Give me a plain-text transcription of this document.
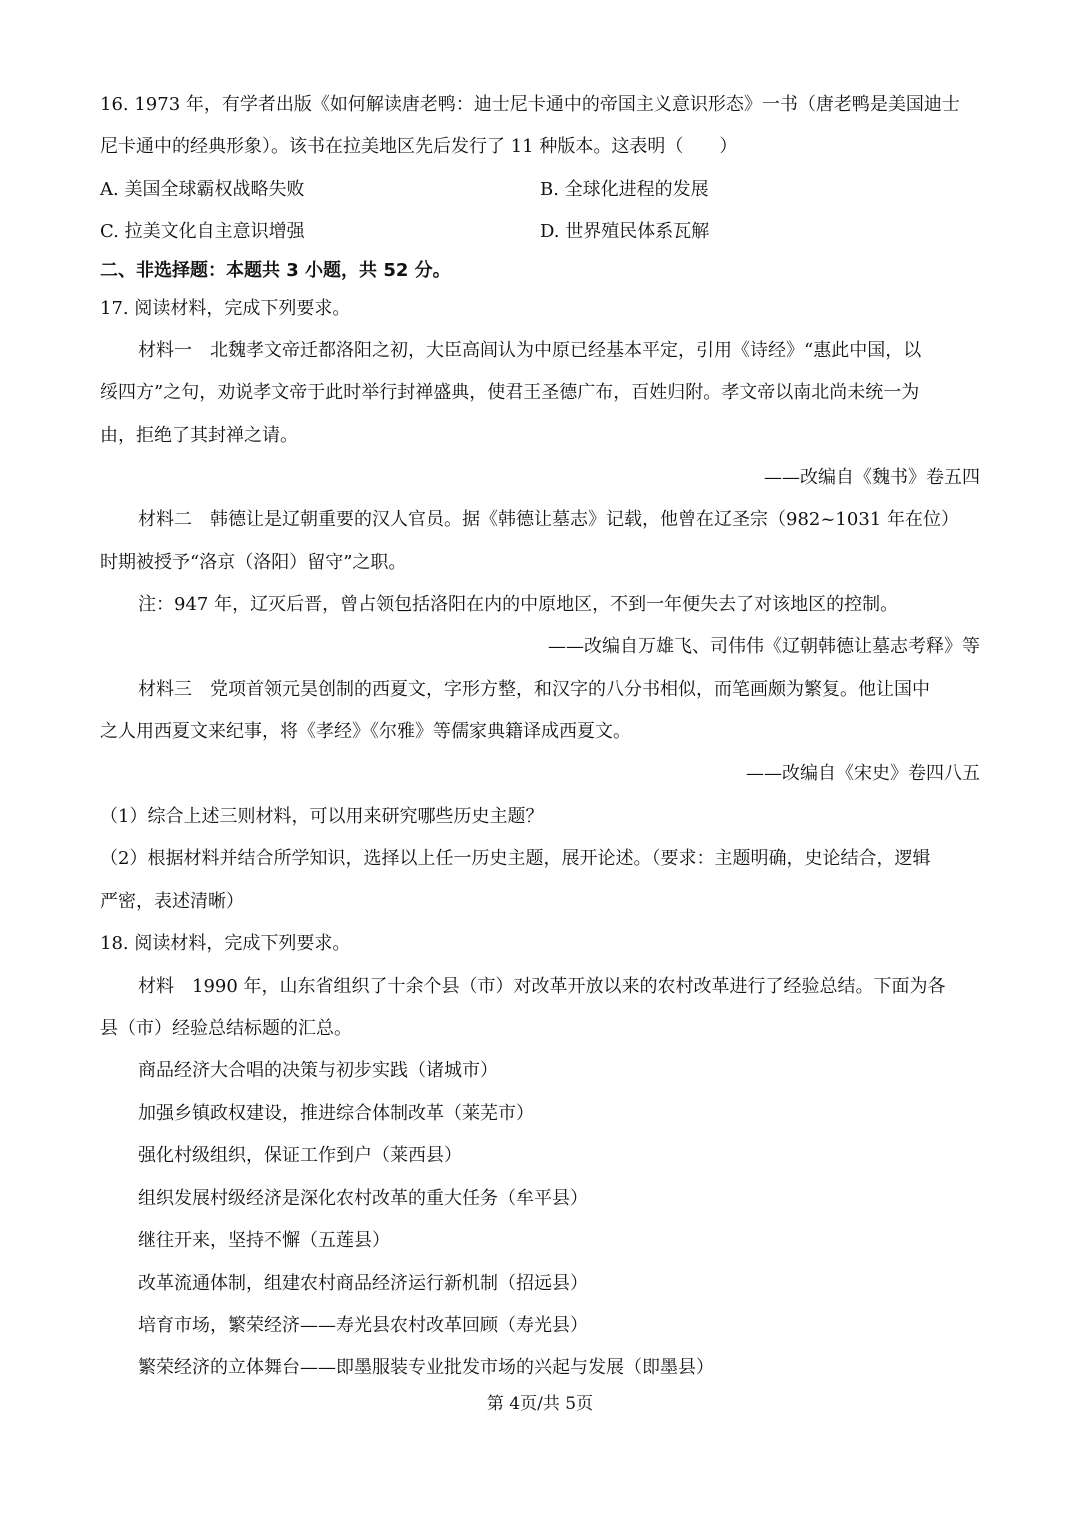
16. 1973 年，有学者出版《如何解读唐老鸭：迪士尼卡通中的帝国主义意识形态》一书（唐老鸭是美国迪士
尼卡通中的经典形象）。该书在拉美地区先后发行了 11 种版本。这表明（　　）
A. 美国全球霸权战略失败	B. 全球化进程的发展
C. 拉美文化自主意识增强	D. 世界殖民体系瓦解
二、非选择题：本题共 3 小题，共 52 分。
17. 阅读材料，完成下列要求。
材料一　北魏孝文帝迁都洛阳之初，大臣高闾认为中原已经基本平定，引用《诗经》“惠此中国，以
绥四方”之句，劝说孝文帝于此时举行封禅盛典，使君王圣德广布，百姓归附。孝文帝以南北尚未统一为
由，拒绝了其封禅之请。
——改编自《魏书》卷五四
材料二　韩德让是辽朝重要的汉人官员。据《韩德让墓志》记载，他曾在辽圣宗（982~1031 年在位）
时期被授予“洛京（洛阳）留守”之职。
注：947 年，辽灭后晋，曾占领包括洛阳在内的中原地区，不到一年便失去了对该地区的控制。
——改编自万雄飞、司伟伟《辽朝韩德让墓志考释》等
材料三　党项首领元昊创制的西夏文，字形方整，和汉字的八分书相似，而笔画颇为繁复。他让国中
之人用西夏文来纪事，将《孝经》《尔雅》等儒家典籍译成西夏文。
——改编自《宋史》卷四八五
（1）综合上述三则材料，可以用来研究哪些历史主题？
（2）根据材料并结合所学知识，选择以上任一历史主题，展开论述。（要求：主题明确，史论结合，逻辑
严密，表述清晰）
18. 阅读材料，完成下列要求。
材料　1990 年，山东省组织了十余个县（市）对改革开放以来的农村改革进行了经验总结。下面为各
县（市）经验总结标题的汇总。
商品经济大合唱的决策与初步实践（诸城市）
加强乡镇政权建设，推进综合体制改革（莱芜市）
强化村级组织，保证工作到户（莱西县）
组织发展村级经济是深化农村改革的重大任务（牟平县）
继往开来，坚持不懈（五莲县）
改革流通体制，组建农村商品经济运行新机制（招远县）
培育市场，繁荣经济——寿光县农村改革回顾（寿光县）
繁荣经济的立体舞台——即墨服装专业批发市场的兴起与发展（即墨县）
第 4页/共 5页
